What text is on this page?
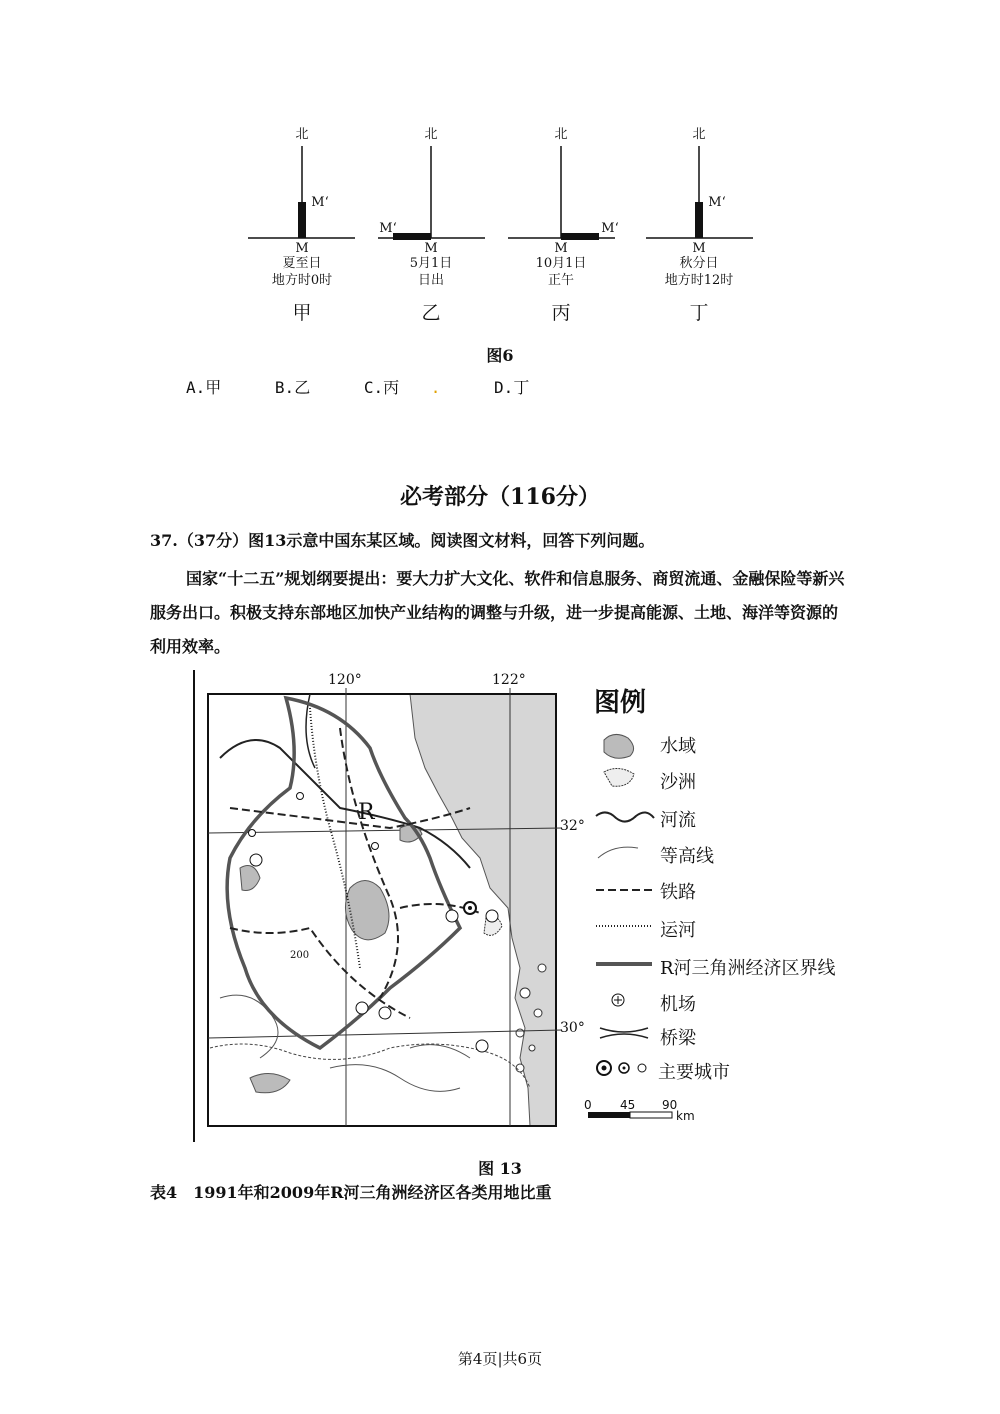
北
M‘
M
夏至日
地方时0时
甲
北
M‘
M
5月1日
日出
乙
北
M‘
M
10月1日
正午
丙
北
M‘
M
秋分日
地方时12时
丁
图6
A.甲	B.乙	C.丙 .	D.丁
必考部分（116分）
37.（37分）图13示意中国东某区域。阅读图文材料，回答下列问题。
国家“十二五”规划纲要提出：要大力扩大文化、软件和信息服务、商贸流通、金融保险等新兴服务出口。积极支持东部地区加快产业结构的调整与升级，进一步提高能源、土地、海洋等资源的利用效率。
120°	122°
32°
30°
R
200
图例
水域
沙洲
河流
等高线
铁路
运河
R河三角洲经济区界线
机场
桥梁
主要城市
0 45 90
km
图 13
表4　1991年和2009年R河三角洲经济区各类用地比重
第4页|共6页
